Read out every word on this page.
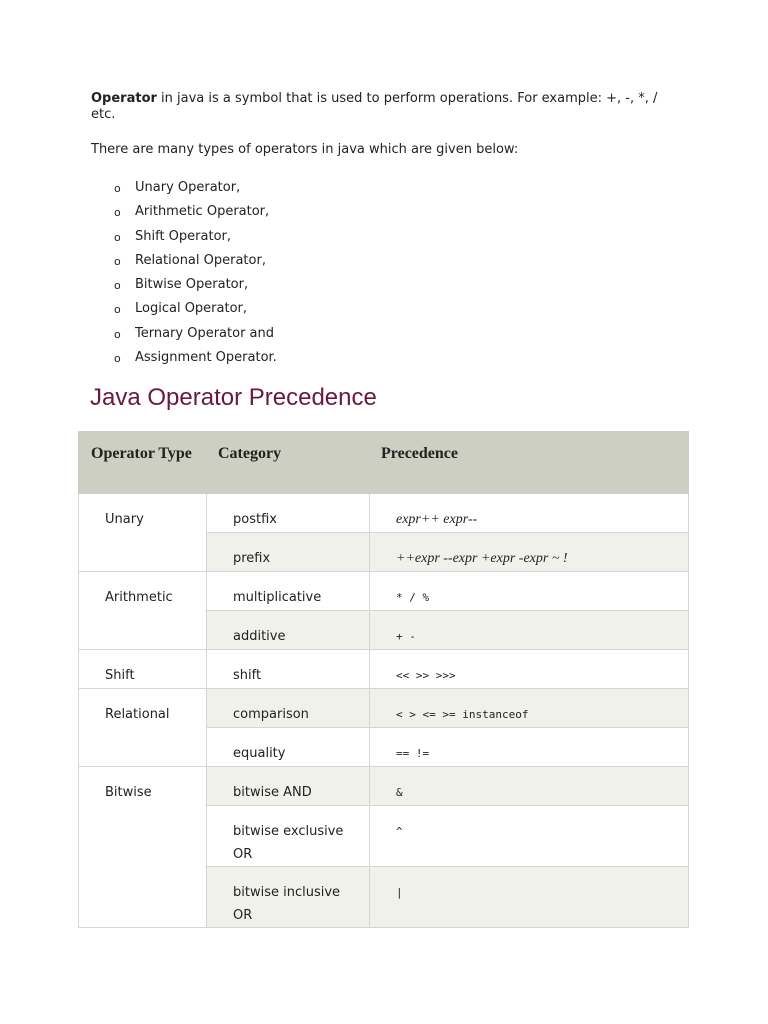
Operator in java is a symbol that is used to perform operations. For example: +, -, *, / etc.
There are many types of operators in java which are given below:
o Unary Operator,
o Arithmetic Operator,
o Shift Operator,
o Relational Operator,
o Bitwise Operator,
o Logical Operator,
o Ternary Operator and
o Assignment Operator.
Java Operator Precedence
Operator Type	Category	Precedence
Unary	postfix	expr++ expr--
	prefix	++expr --expr +expr -expr ~ !
Arithmetic	multiplicative	* / %
	additive	+ -
Shift	shift	<< >> >>>
Relational	comparison	< > <= >= instanceof
	equality	== !=
Bitwise	bitwise AND	&
	bitwise exclusive OR	^
	bitwise inclusive OR	|
